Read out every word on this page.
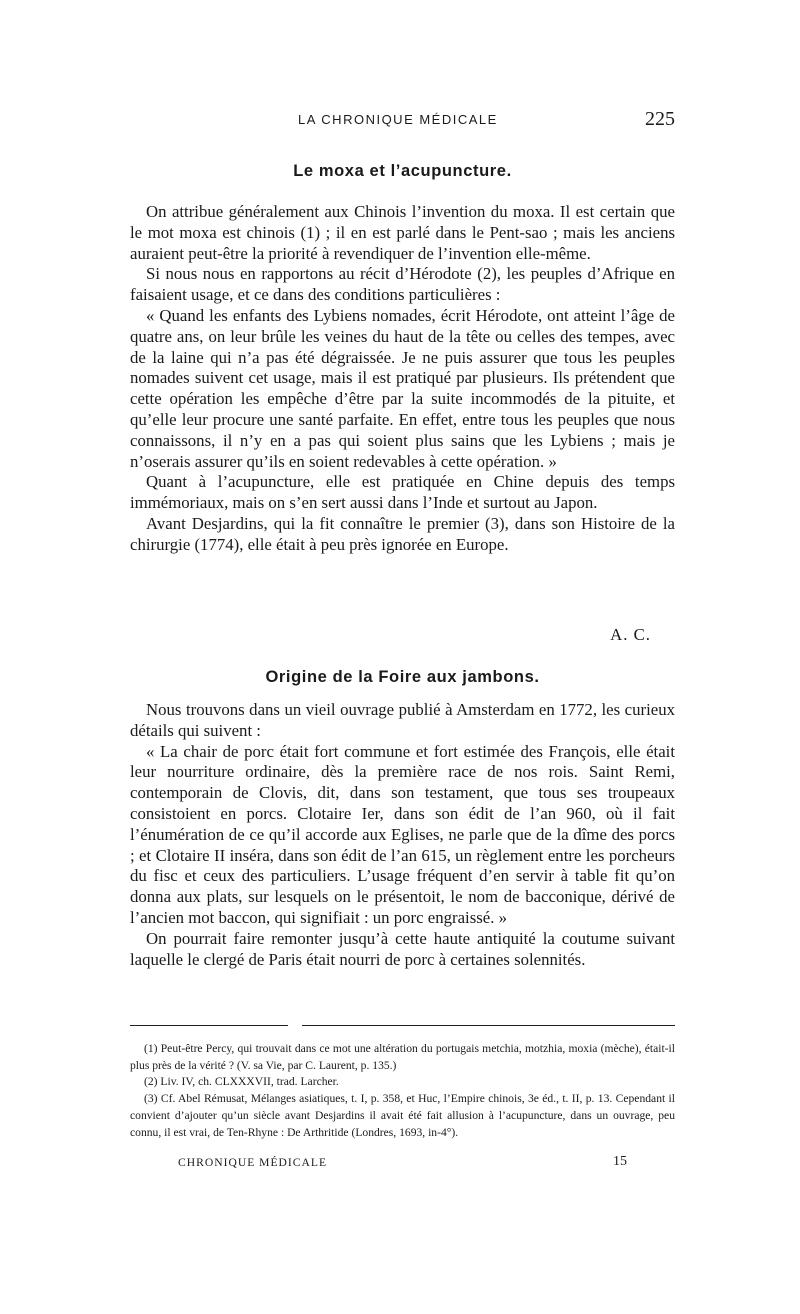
LA CHRONIQUE MÉDICALE	225
Le moxa et l’acupuncture.

On attribue généralement aux Chinois l’invention du moxa. Il est certain que le mot moxa est chinois (1) ; il en est parlé dans le Pent-sao ; mais les anciens auraient peut-être la priorité à revendiquer de l’invention elle-même.

Si nous nous en rapportons au récit d’Hérodote (2), les peuples d’Afrique en faisaient usage, et ce dans des conditions particulières :

« Quand les enfants des Lybiens nomades, écrit Hérodote, ont atteint l’âge de quatre ans, on leur brûle les veines du haut de la tête ou celles des tempes, avec de la laine qui n’a pas été dégraissée. Je ne puis assurer que tous les peuples nomades suivent cet usage, mais il est pratiqué par plusieurs. Ils prétendent que cette opération les empêche d’être par la suite incommodés de la pituite, et qu’elle leur procure une santé parfaite. En effet, entre tous les peuples que nous connaissons, il n’y en a pas qui soient plus sains que les Lybiens ; mais je n’oserais assurer qu’ils en soient redevables à cette opération. »

Quant à l’acupuncture, elle est pratiquée en Chine depuis des temps immémoriaux, mais on s’en sert aussi dans l’Inde et surtout au Japon.

Avant Desjardins, qui la fit connaître le premier (3), dans son Histoire de la chirurgie (1774), elle était à peu près ignorée en Europe.

A. C.
Origine de la Foire aux jambons.

Nous trouvons dans un vieil ouvrage publié à Amsterdam en 1772, les curieux détails qui suivent :

« La chair de porc était fort commune et fort estimée des François, elle était leur nourriture ordinaire, dès la première race de nos rois. Saint Remi, contemporain de Clovis, dit, dans son testament, que tous ses troupeaux consistoient en porcs. Clotaire Ier, dans son édit de l’an 960, où il fait l’énumération de ce qu’il accorde aux Eglises, ne parle que de la dîme des porcs ; et Clotaire II inséra, dans son édit de l’an 615, un règlement entre les porcheurs du fisc et ceux des particuliers. L’usage fréquent d’en servir à table fit qu’on donna aux plats, sur lesquels on le présentoit, le nom de bacconique, dérivé de l’ancien mot baccon, qui signifiait : un porc engraissé. »

On pourrait faire remonter jusqu’à cette haute antiquité la coutume suivant laquelle le clergé de Paris était nourri de porc à certaines solennités.

(1) Peut-être Percy, qui trouvait dans ce mot une altération du portugais metchia, motzhia, moxia (mèche), était-il plus près de la vérité ? (V. sa Vie, par C. Laurent, p. 135.)

(2) Liv. IV, ch. CLXXXVII, trad. Larcher.

(3) Cf. Abel Rémusat, Mélanges asiatiques, t. I, p. 358, et Huc, l’Empire chinois, 3e éd., t. II, p. 13. Cependant il convient d’ajouter qu’un siècle avant Desjardins il avait été fait allusion à l’acupuncture, dans un ouvrage, peu connu, il est vrai, de Ten-Rhyne : De Arthritide (Londres, 1693, in-4°).

CHRONIQUE MÉDICALE	15
